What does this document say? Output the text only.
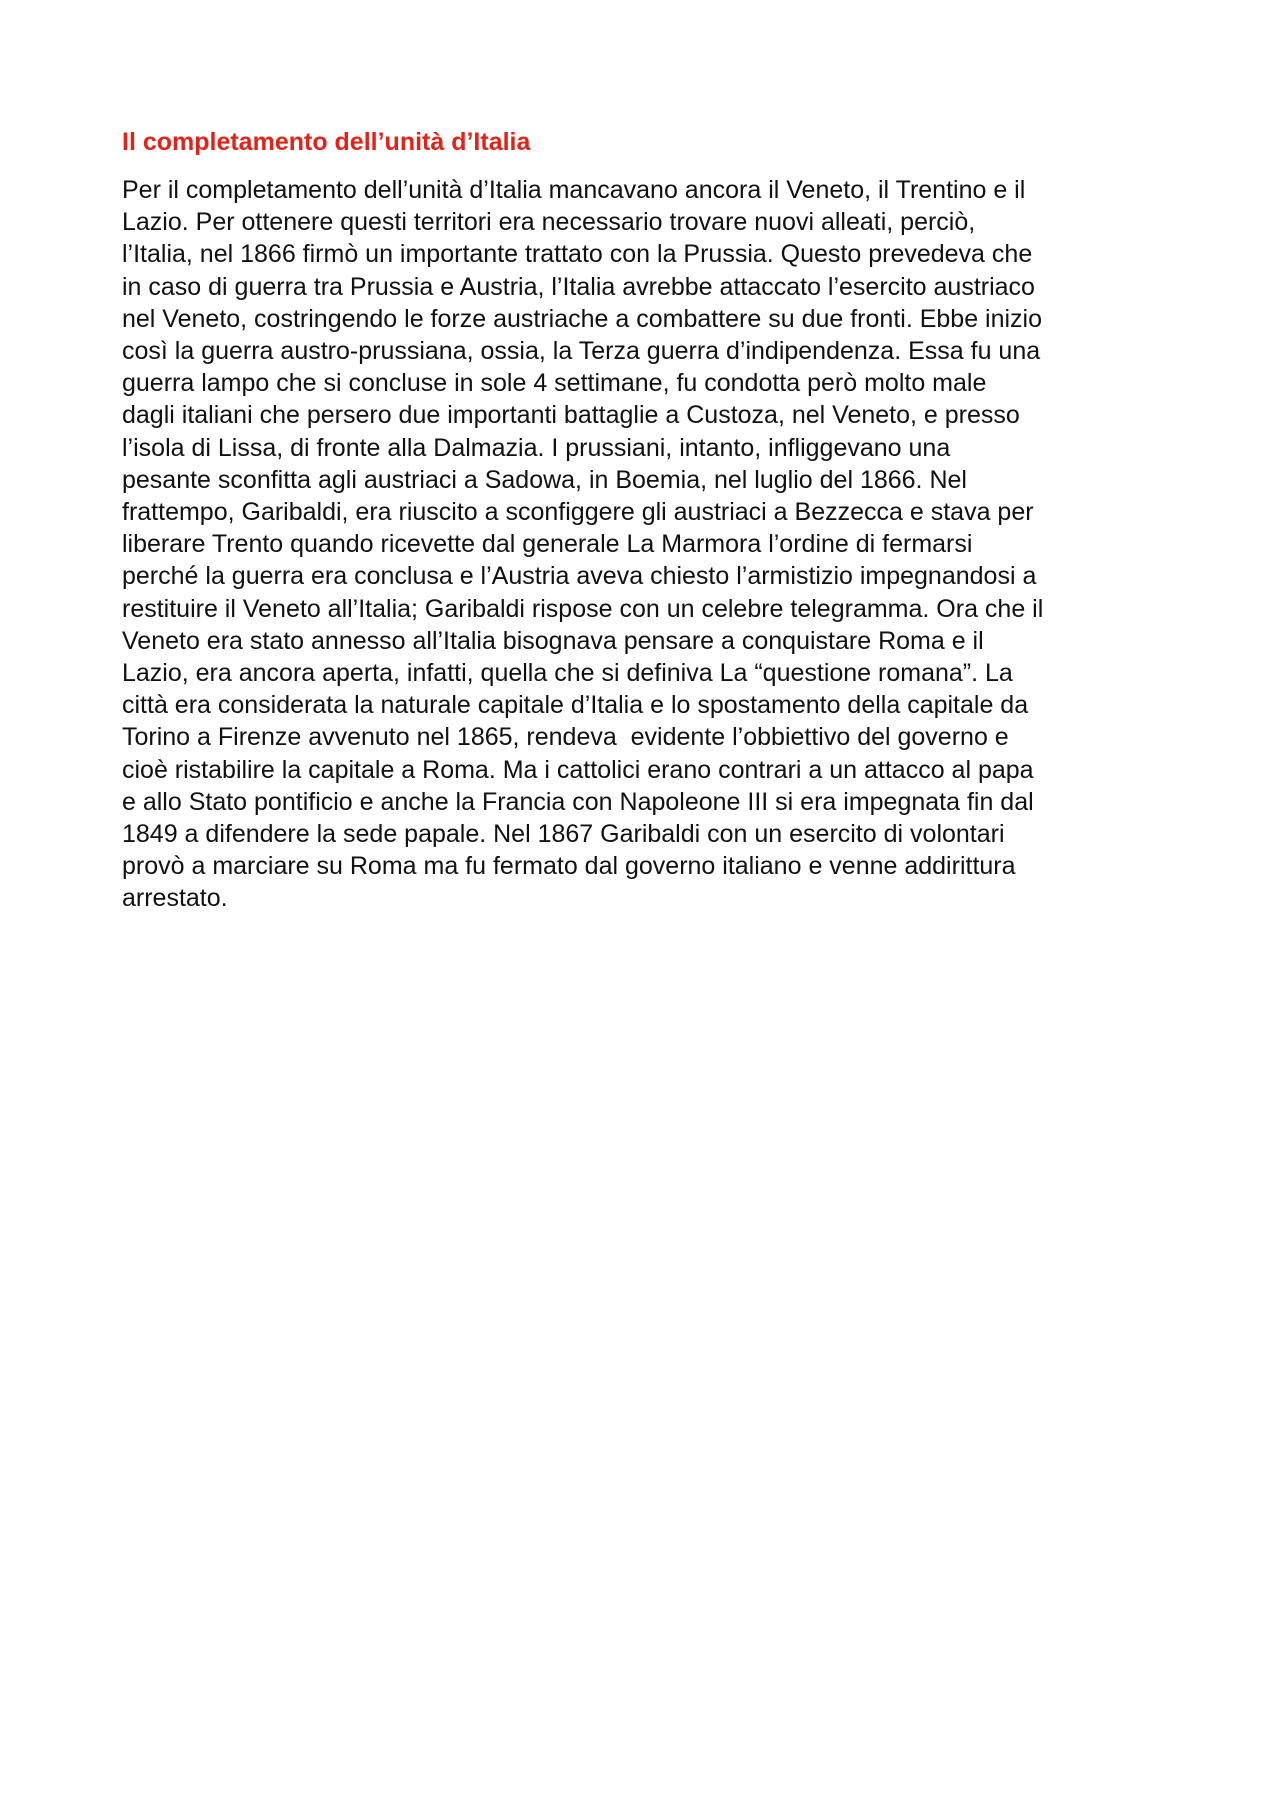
Il completamento dell’unità d’Italia

Per il completamento dell’unità d’Italia mancavano ancora il Veneto, il Trentino e il
Lazio. Per ottenere questi territori era necessario trovare nuovi alleati, perciò,
l’Italia, nel 1866 firmò un importante trattato con la Prussia. Questo prevedeva che
in caso di guerra tra Prussia e Austria, l’Italia avrebbe attaccato l’esercito austriaco
nel Veneto, costringendo le forze austriache a combattere su due fronti. Ebbe inizio
così la guerra austro-prussiana, ossia, la Terza guerra d’indipendenza. Essa fu una
guerra lampo che si concluse in sole 4 settimane, fu condotta però molto male
dagli italiani che persero due importanti battaglie a Custoza, nel Veneto, e presso
l’isola di Lissa, di fronte alla Dalmazia. I prussiani, intanto, infliggevano una
pesante sconfitta agli austriaci a Sadowa, in Boemia, nel luglio del 1866. Nel
frattempo, Garibaldi, era riuscito a sconfiggere gli austriaci a Bezzecca e stava per
liberare Trento quando ricevette dal generale La Marmora l’ordine di fermarsi
perché la guerra era conclusa e l’Austria aveva chiesto l’armistizio impegnandosi a
restituire il Veneto all’Italia; Garibaldi rispose con un celebre telegramma. Ora che il
Veneto era stato annesso all’Italia bisognava pensare a conquistare Roma e il
Lazio, era ancora aperta, infatti, quella che si definiva La “questione romana”. La
città era considerata la naturale capitale d’Italia e lo spostamento della capitale da
Torino a Firenze avvenuto nel 1865, rendeva  evidente l’obbiettivo del governo e
cioè ristabilire la capitale a Roma. Ma i cattolici erano contrari a un attacco al papa
e allo Stato pontificio e anche la Francia con Napoleone III si era impegnata fin dal
1849 a difendere la sede papale. Nel 1867 Garibaldi con un esercito di volontari
provò a marciare su Roma ma fu fermato dal governo italiano e venne addirittura
arrestato.
